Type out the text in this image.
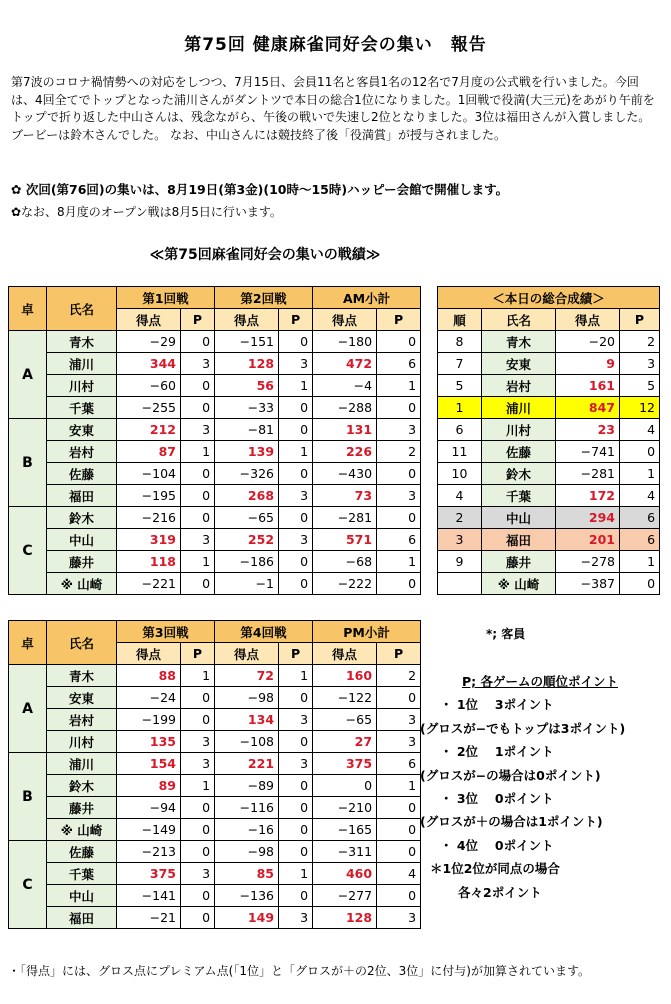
第75回 健康麻雀同好会の集い　報告
第7波のコロナ禍情勢への対応をしつつ、7月15日、会員11名と客員1名の12名で7月度の公式戦を行いました。今回は、4回全てでトップとなった浦川さんがダントツで本日の総合1位になりました。1回戦で役満(大三元)をあがり午前をトップで折り返した中山さんは、残念ながら、午後の戦いで失速し2位となりました。3位は福田さんが入賞しました。ブービーは鈴木さんでした。 なお、中山さんには競技終了後「役満賞」が授与されました。
✿ 次回(第76回)の集いは、8月19日(第3金)(10時～15時)ハッピー会館で開催します。
✿なお、8月度のオープン戦は8月5日に行います。
≪第75回麻雀同好会の集いの戦績≫
卓	氏名	第1回戦		第2回戦		AM小計	
		得点	P	得点	P	得点	P
A	青木	−29	0	−151	0	−180	0
	浦川	344	3	128	3	472	6
	川村	−60	0	56	1	−4	1
	千葉	−255	0	−33	0	−288	0
B	安東	212	3	−81	0	131	3
	岩村	87	1	139	1	226	2
	佐藤	−104	0	−326	0	−430	0
	福田	−195	0	268	3	73	3
C	鈴木	−216	0	−65	0	−281	0
	中山	319	3	252	3	571	6
	藤井	118	1	−186	0	−68	1
	※ 山崎	−221	0	−1	0	−222	0
卓	氏名	第3回戦		第4回戦		PM小計	
		得点	P	得点	P	得点	P
A	青木	88	1	72	1	160	2
	安東	−24	0	−98	0	−122	0
	岩村	−199	0	134	3	−65	3
	川村	135	3	−108	0	27	3
B	浦川	154	3	221	3	375	6
	鈴木	89	1	−89	0	0	1
	藤井	−94	0	−116	0	−210	0
	※ 山崎	−149	0	−16	0	−165	0
C	佐藤	−213	0	−98	0	−311	0
	千葉	375	3	85	1	460	4
	中山	−141	0	−136	0	−277	0
	福田	−21	0	149	3	128	3
＜本日の総合成績＞			
順	氏名	得点	P
8	青木	−20	2
7	安東	9	3
5	岩村	161	5
1	浦川	847	12
6	川村	23	4
11	佐藤	−741	0
10	鈴木	−281	1
4	千葉	172	4
2	中山	294	6
3	福田	201	6
9	藤井	−278	1
	※ 山崎	−387	0
*; 客員
P; 各ゲームの順位ポイント
・ 1位　 3ポイント
(グロスが−でもトップは3ポイント)
・ 2位　 1ポイント
(グロスが−の場合は0ポイント)
・ 3位　 0ポイント
(グロスが＋の場合は1ポイント)
・ 4位　 0ポイント
＊1位2位が同点の場合
各々2ポイント
・「得点」には、グロス点にプレミアム点(「1位」と「グロスが＋の2位、3位」に付与)が加算されています。
